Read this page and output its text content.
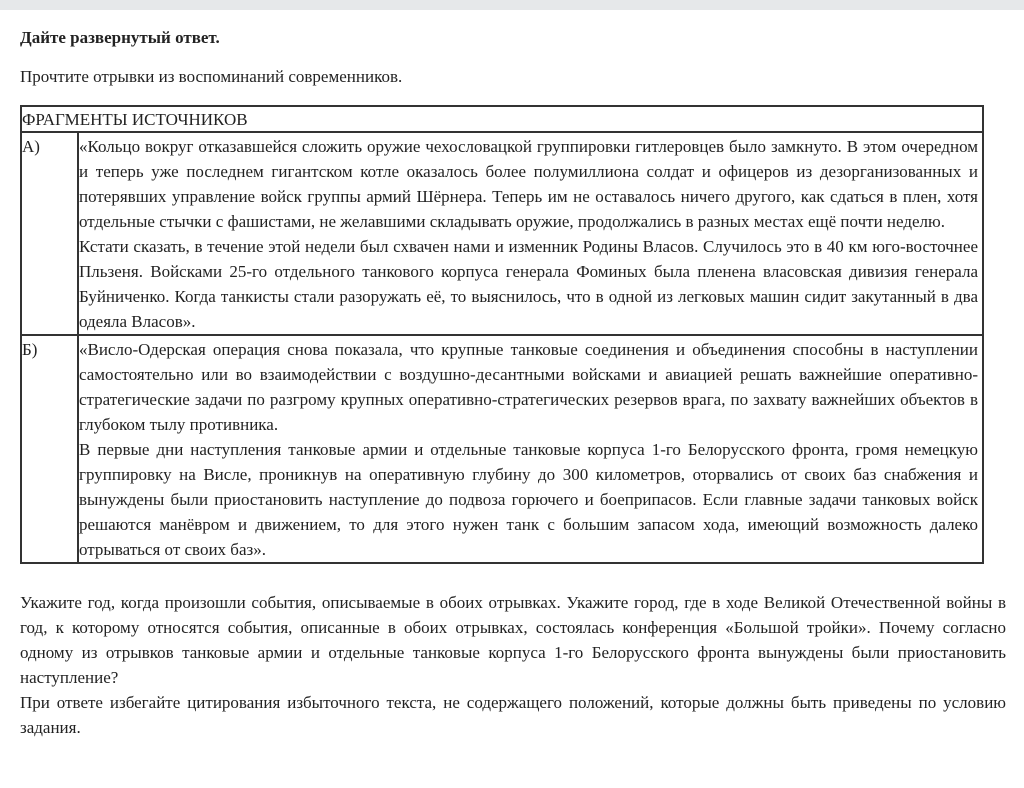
Дайте развернутый ответ.

Прочтите отрывки из воспоминаний современников.

ФРАГМЕНТЫ ИСТОЧНИКОВ	
А)	«Кольцо вокруг отказавшейся сложить оружие чехословацкой группировки гитлеровцев было замкнуто. В этом очередном и теперь уже последнем гигантском котле оказалось более полумиллиона солдат и офицеров из дезорганизованных и потерявших управление войск группы армий Шёрнера. Теперь им не оставалось ничего другого, как сдаться в плен, хотя отдельные стычки с фашистами, не желавшими складывать оружие, продолжались в разных местах ещё почти неделю.

Кстати сказать, в течение этой недели был схвачен нами и изменник Родины Власов. Случилось это в 40 км юго-восточнее Пльзеня. Войсками 25-го отдельного танкового корпуса генерала Фоминых была пленена власовская дивизия генерала Буйниченко. Когда танкисты стали разоружать её, то выяснилось, что в одной из легковых машин сидит закутанный в два одеяла Власов».

Б)	«Висло-Одерская операция снова показала, что крупные танковые соединения и объединения способны в наступлении самостоятельно или во взаимодействии с воздушно-десантными войсками и авиацией решать важнейшие оперативно-стратегические задачи по разгрому крупных оперативно-стратегических резервов врага, по захвату важнейших объектов в глубоком тылу противника.

В первые дни наступления танковые армии и отдельные танковые корпуса 1-го Белорусского фронта, громя немецкую группировку на Висле, проникнув на оперативную глубину до 300 километров, оторвались от своих баз снабжения и вынуждены были приостановить наступление до подвоза горючего и боеприпасов. Если главные задачи танковых войск решаются манёвром и движением, то для этого нужен танк с большим запасом хода, имеющий возможность далеко отрываться от своих баз».

Укажите год, когда произошли события, описываемые в обоих отрывках. Укажите город, где в ходе Великой Отечественной войны в год, к которому относятся события, описанные в обоих отрывках, состоялась конференция «Большой тройки». Почему согласно одному из отрывков танковые армии и отдельные танковые корпуса 1-го Белорусского фронта вынуждены были приостановить наступление?

При ответе избегайте цитирования избыточного текста, не содержащего положений, которые должны быть приведены по условию задания.
